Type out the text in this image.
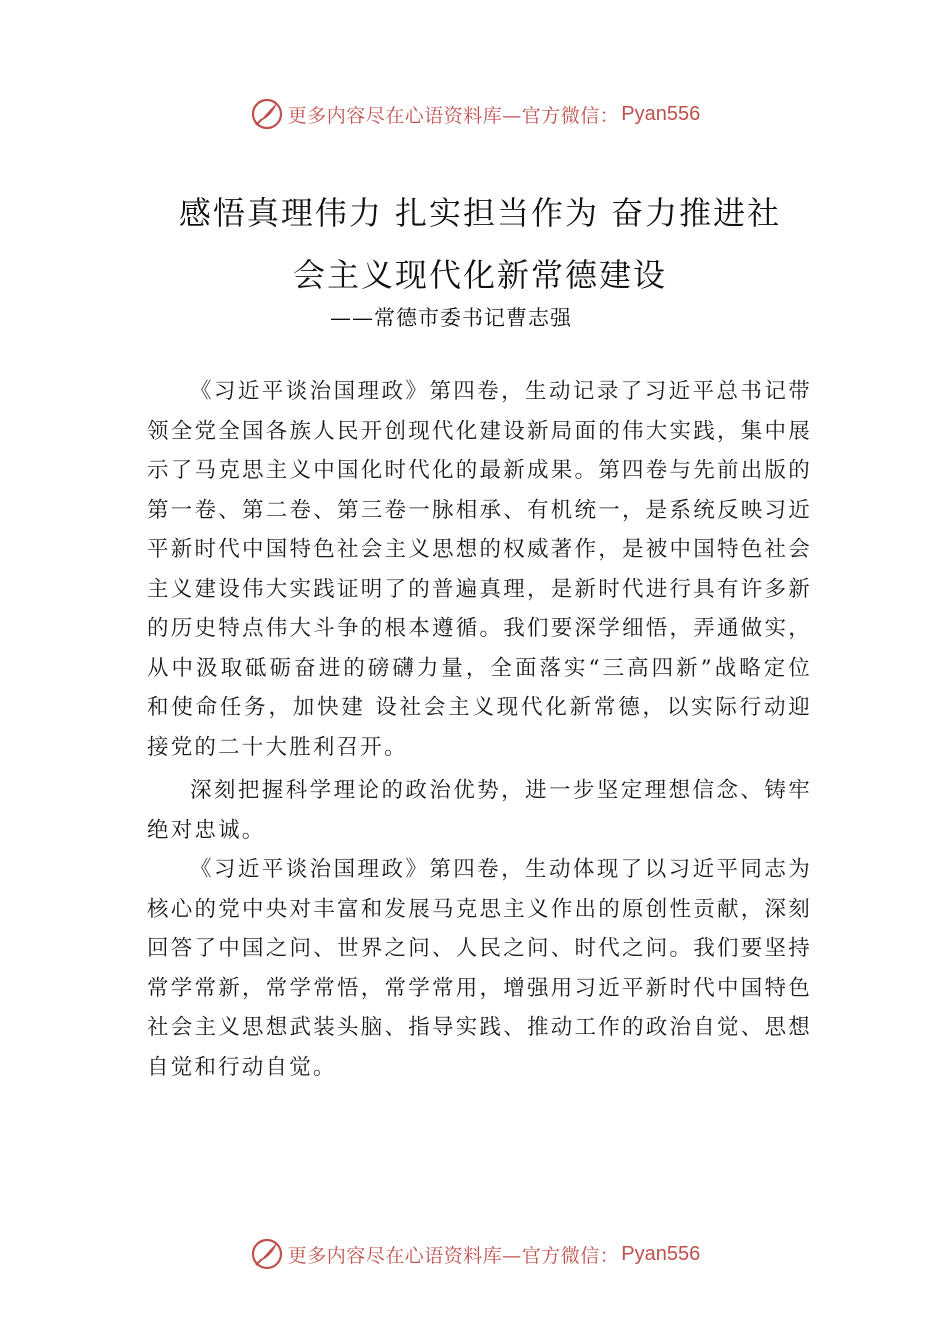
更多内容尽在心语资料库—官方微信： Pyan556
感悟真理伟力 扎实担当作为 奋力推进社
会主义现代化新常德建设
——常德市委书记曹志强

《习近平谈治国理政》第四卷，生动记录了习近平总书记带领全党全国各族人民开创现代化建设新局面的伟大实践，集中展示了马克思主义中国化时代化的最新成果。第四卷与先前出版的第一卷、第二卷、第三卷一脉相承、有机统一，是系统反映习近平新时代中国特色社会主义思想的权威著作，是被中国特色社会主义建设伟大实践证明了的普遍真理，是新时代进行具有许多新的历史特点伟大斗争的根本遵循。我们要深学细悟，弄通做实，从中汲取砥砺奋进的磅礴力量，全面落实“三高四新”战略定位和使命任务，加快建 设社会主义现代化新常德，以实际行动迎接党的二十大胜利召开。

深刻把握科学理论的政治优势，进一步坚定理想信念、铸牢绝对忠诚。

《习近平谈治国理政》第四卷，生动体现了以习近平同志为核心的党中央对丰富和发展马克思主义作出的原创性贡献，深刻回答了中国之问、世界之问、人民之问、时代之问。我们要坚持常学常新，常学常悟，常学常用，增强用习近平新时代中国特色社会主义思想武装头脑、指导实践、推动工作的政治自觉、思想自觉和行动自觉。

更多内容尽在心语资料库—官方微信： Pyan556
